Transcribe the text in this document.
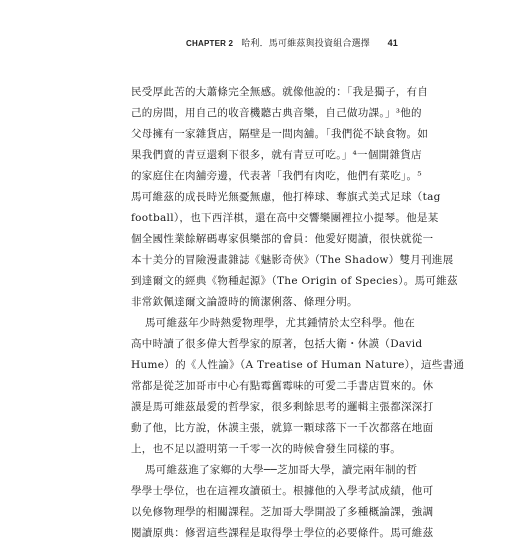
CHAPTER 2 哈利．馬可維茲與投資組合選擇 41
民受厚此苦的大蕭條完全無感。就像他說的：「我是獨子，有自
己的房間，用自己的收音機聽古典音樂，自己做功課。」³他的
父母擁有一家雜貨店，隔壁是一間肉舖。「我們從不缺食物。如
果我們賣的青豆還剩下很多，就有青豆可吃。」⁴一個開雜貨店
的家庭住在肉舖旁邊，代表著「我們有肉吃，他們有菜吃」。⁵
馬可維茲的成長時光無憂無慮，他打棒球、奪旗式美式足球（tag
football），也下西洋棋，還在高中交響樂團裡拉小提琴。他是某
個全國性業餘解碼專家俱樂部的會員：他愛好閱讀，很快就從一
本十美分的冒險漫畫雜誌《魅影奇俠》（The Shadow）雙月刊進展
到達爾文的經典《物種起源》（The Origin of Species）。馬可維茲
非常欽佩達爾文論證時的簡潔俐落、條理分明。
馬可維茲年少時熱愛物理學，尤其鍾情於太空科學。他在
高中時讀了很多偉大哲學家的原著，包括大衛・休謨（David
Hume）的《人性論》（A Treatise of Human Nature），這些書通
常都是從芝加哥市中心有點霉舊霉味的可愛二手書店買來的。休
謨是馬可維茲最愛的哲學家，很多剩餘思考的邏輯主張都深深打
動了他，比方說，休謨主張，就算一顆球落下一千次都落在地面
上，也不足以證明第一千零一次的時候會發生同樣的事。
馬可維茲進了家鄉的大學──芝加哥大學，讀完兩年制的哲
學學士學位，也在這裡攻讀碩士。根據他的入學考試成績，他可
以免修物理學的相關課程。芝加哥大學開設了多種概論課，強調
閱讀原典：修習這些課程是取得學士學位的必要條件。馬可維茲
